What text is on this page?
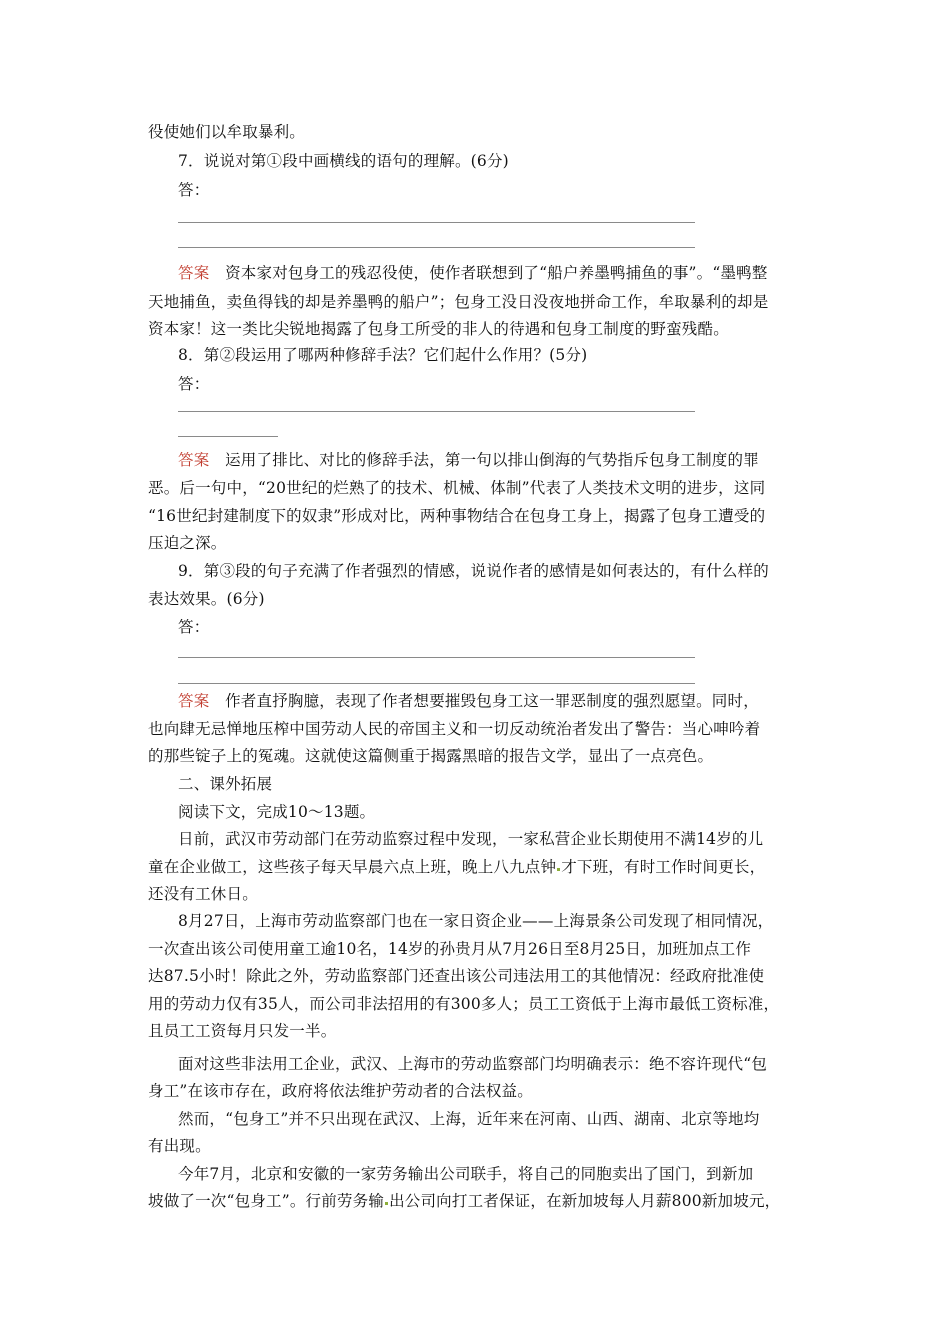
役使她们以牟取暴利。
7．说说对第①段中画横线的语句的理解。(6分)
答：
答案　资本家对包身工的残忍役使，使作者联想到了“船户养墨鸭捕鱼的事”。“墨鸭整
天地捕鱼，卖鱼得钱的却是养墨鸭的船户”；包身工没日没夜地拼命工作，牟取暴利的却是
资本家！这一类比尖锐地揭露了包身工所受的非人的待遇和包身工制度的野蛮残酷。
8．第②段运用了哪两种修辞手法？它们起什么作用？(5分)
答：
答案　运用了排比、对比的修辞手法，第一句以排山倒海的气势指斥包身工制度的罪
恶。后一句中，“20世纪的烂熟了的技术、机械、体制”代表了人类技术文明的进步，这同
“16世纪封建制度下的奴隶”形成对比，两种事物结合在包身工身上，揭露了包身工遭受的
压迫之深。
9．第③段的句子充满了作者强烈的情感，说说作者的感情是如何表达的，有什么样的
表达效果。(6分)
答：
答案　作者直抒胸臆，表现了作者想要摧毁包身工这一罪恶制度的强烈愿望。同时，
也向肆无忌惮地压榨中国劳动人民的帝国主义和一切反动统治者发出了警告：当心呻吟着
的那些锭子上的冤魂。这就使这篇侧重于揭露黑暗的报告文学，显出了一点亮色。
二、课外拓展
阅读下文，完成10～13题。
日前，武汉市劳动部门在劳动监察过程中发现，一家私营企业长期使用不满14岁的儿
童在企业做工，这些孩子每天早晨六点上班，晚上八九点钟 才下班，有时工作时间更长，
还没有工休日。
8月27日，上海市劳动监察部门也在一家日资企业——上海景条公司发现了相同情况，
一次查出该公司使用童工逾10名，14岁的孙贵月从7月26日至8月25日，加班加点工作
达87.5小时！除此之外，劳动监察部门还查出该公司违法用工的其他情况：经政府批准使
用的劳动力仅有35人，而公司非法招用的有300多人；员工工资低于上海市最低工资标准，
且员工工资每月只发一半。
面对这些非法用工企业，武汉、上海市的劳动监察部门均明确表示：绝不容许现代“包
身工”在该市存在，政府将依法维护劳动者的合法权益。
然而，“包身工”并不只出现在武汉、上海，近年来在河南、山西、湖南、北京等地均
有出现。
今年7月，北京和安徽的一家劳务输出公司联手，将自己的同胞卖出了国门，到新加
坡做了一次“包身工”。行前劳务输 出公司向打工者保证，在新加坡每人月薪800新加坡元，
